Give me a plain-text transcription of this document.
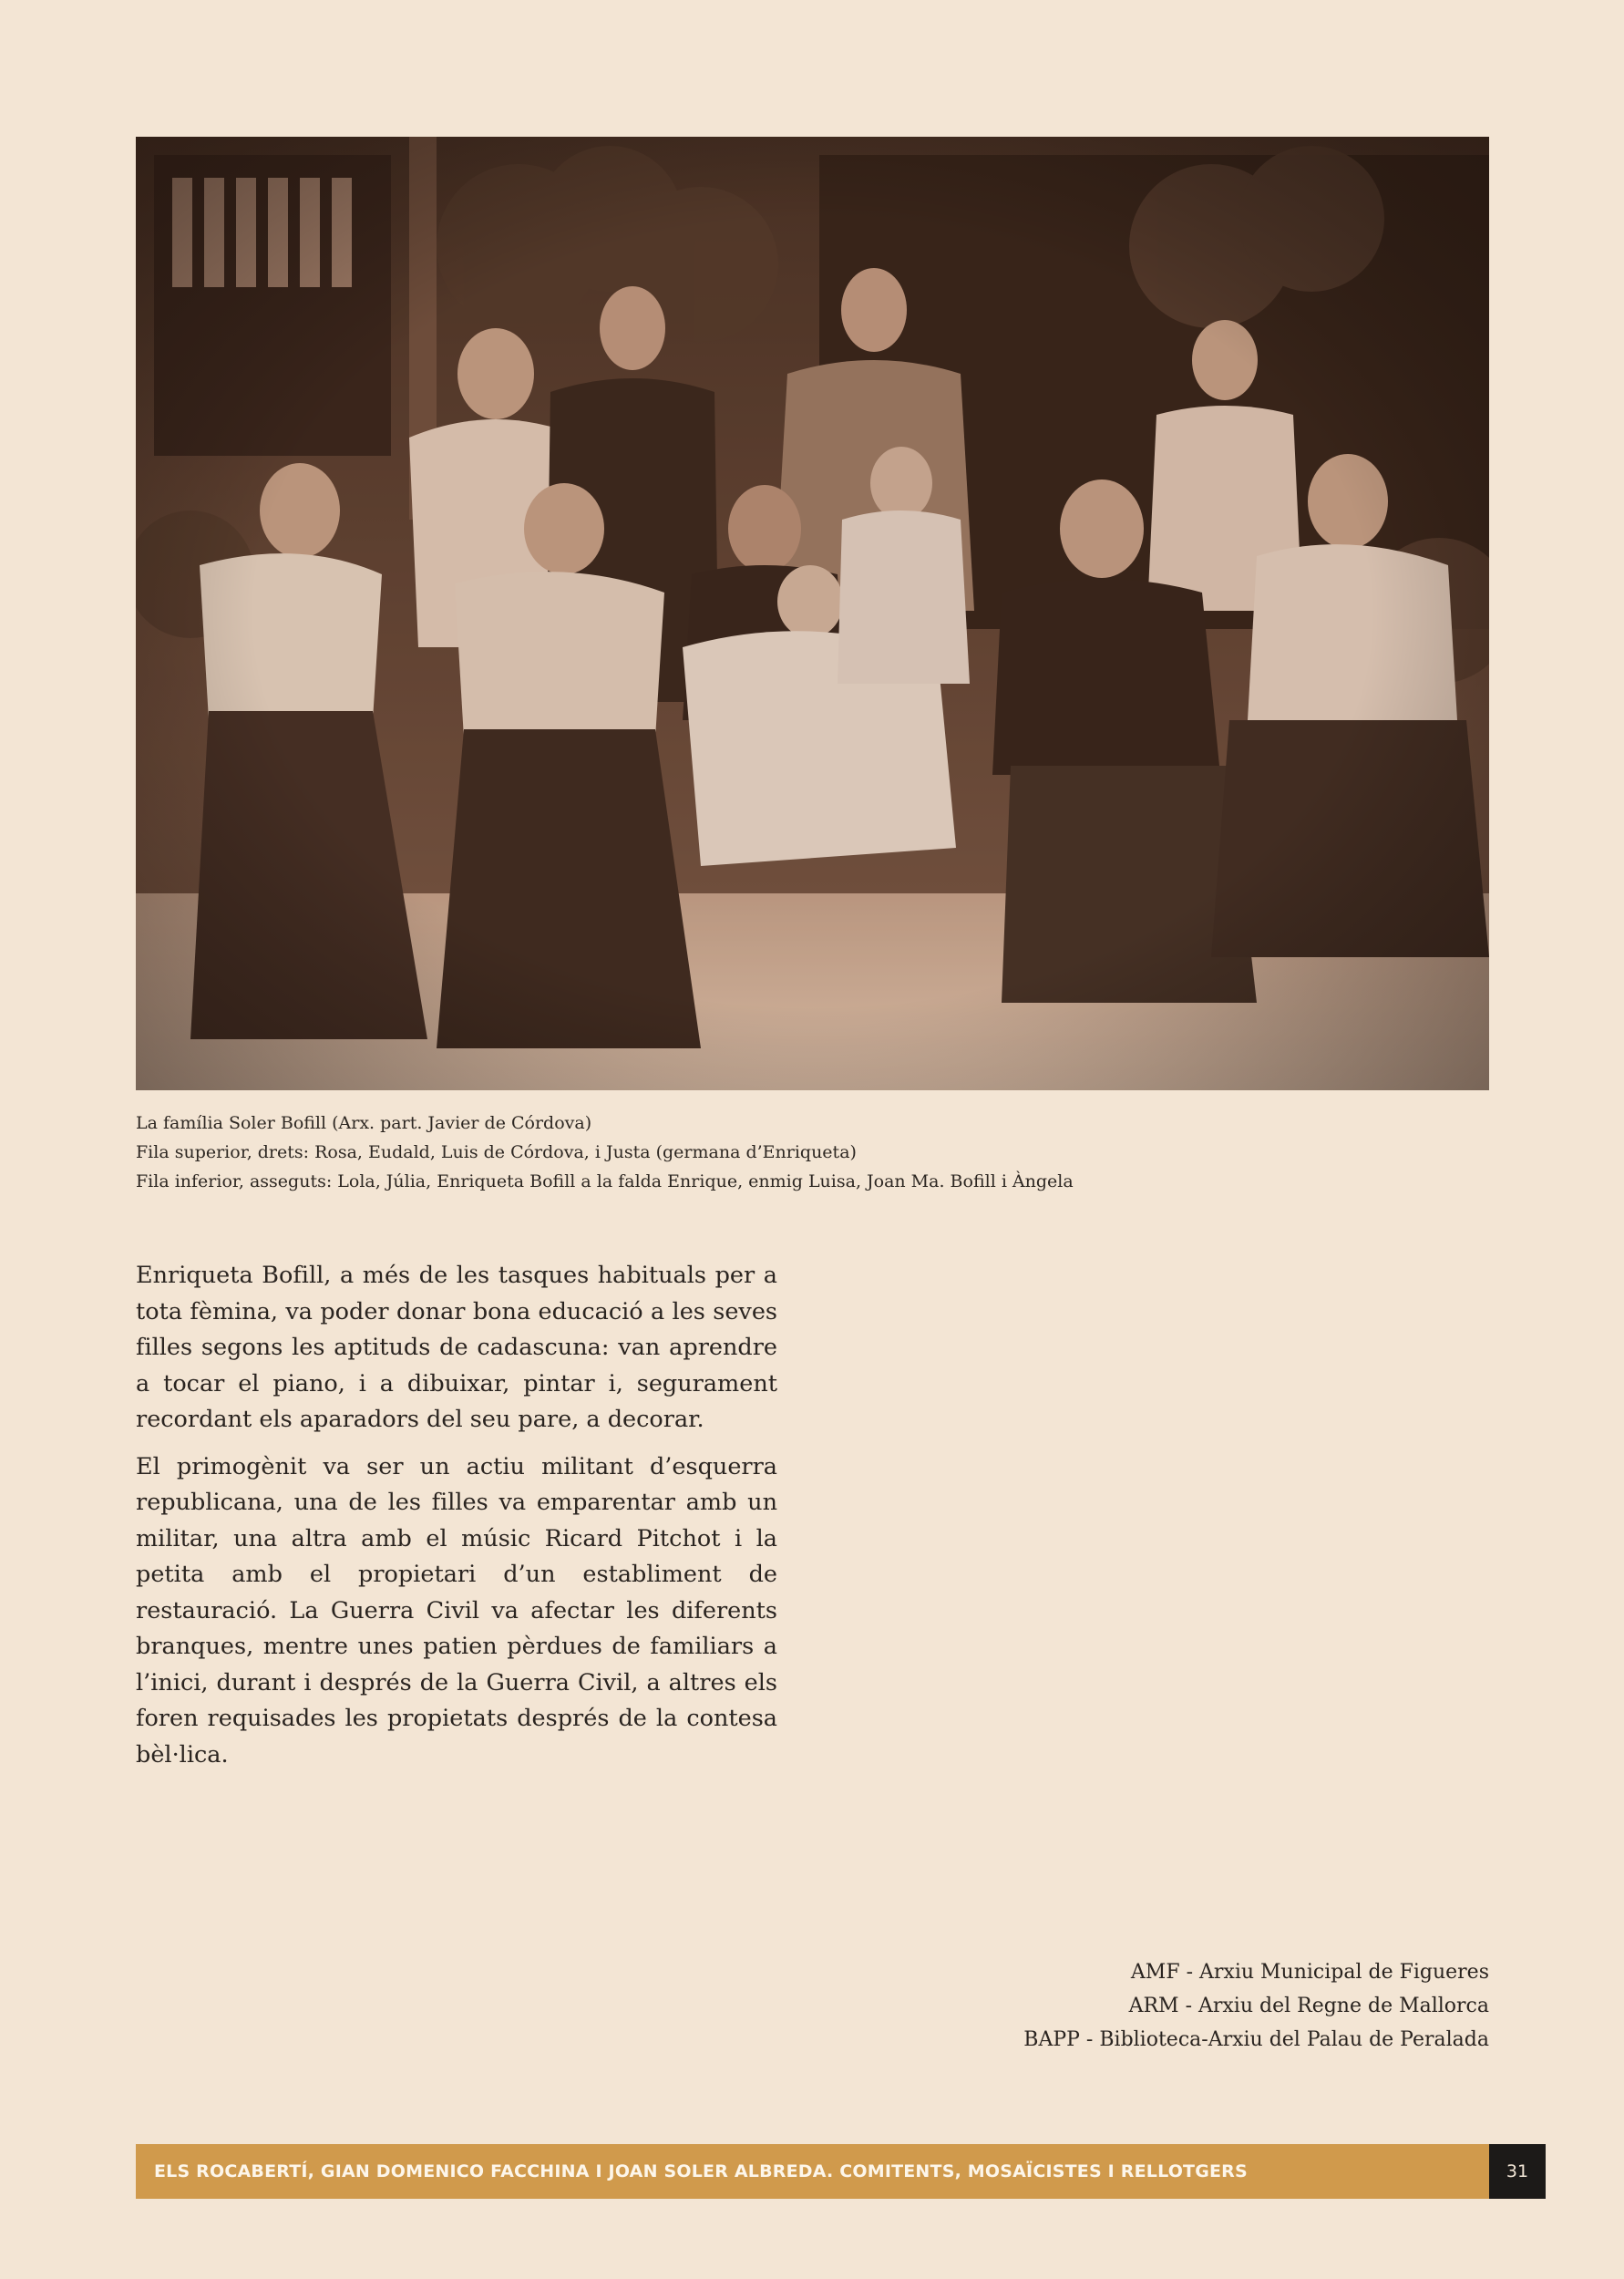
La família Soler Bofill (Arx. part. Javier de Córdova)
Fila superior, drets: Rosa, Eudald, Luis de Córdova, i Justa (germana d’Enriqueta)
Fila inferior, asseguts: Lola, Júlia, Enriqueta Bofill a la falda Enrique, enmig Luisa, Joan Ma. Bofill i Àngela

Enriqueta Bofill, a més de les tasques habituals per a tota fèmina, va poder donar bona educació a les seves filles segons les aptituds de cadascuna: van aprendre a tocar el piano, i a dibuixar, pintar i, segurament recordant els aparadors del seu pare, a decorar.

El primogènit va ser un actiu militant d’esquerra republicana, una de les filles va emparentar amb un militar, una altra amb el músic Ricard Pitchot i la petita amb el propietari d’un establiment de restauració. La Guerra Civil va afectar les diferents branques, mentre unes patien pèrdues de familiars a l’inici, durant i després de la Guerra Civil, a altres els foren requisades les propietats després de la contesa bèl·lica.

AMF - Arxiu Municipal de Figueres
ARM - Arxiu del Regne de Mallorca
BAPP - Biblioteca-Arxiu del Palau de Peralada
ELS ROCABERTÍ, GIAN DOMENICO FACCHINA I JOAN SOLER ALBREDA. COMITENTS, MOSAÏCISTES I RELLOTGERS	31
